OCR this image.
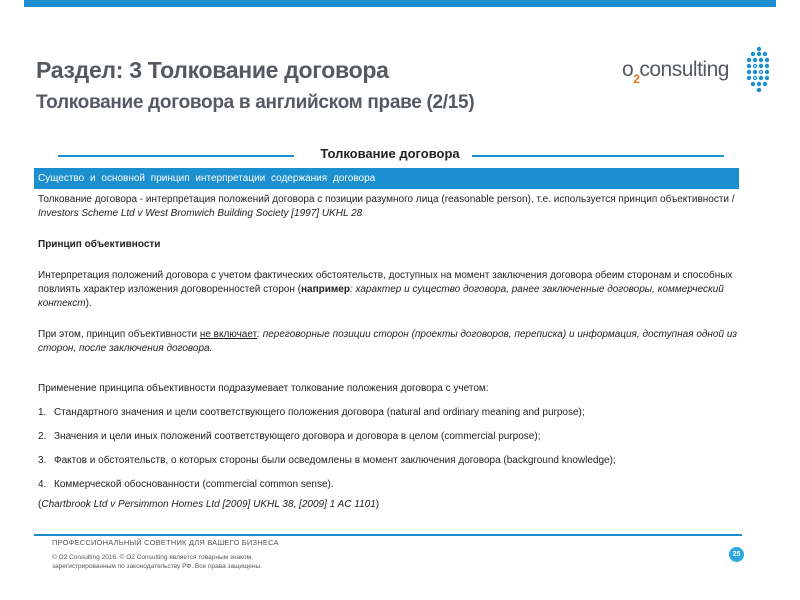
Раздел: 3 Толкование договора
Толкование договора в английском праве (2/15)
$o_2consulting$
Толкование договора
Существо и основной принцип интерпретации содержания договора

Толкование договора - интерпретация положений договора с позиции разумного лица (reasonable person), т.е. используется принцип объективности / Investors Scheme Ltd v West Bromwich Building Society [1997] UKHL 28

Принцип объективности

Интерпретация положений договора с учетом фактических обстоятельств, доступных на момент заключения договора обеим сторонам и способных повлиять характер изложения договоренностей сторон (например: характер и существо договора, ранее заключенные договоры, коммерческий контекст).

При этом, принцип объективности не включает: переговорные позиции сторон (проекты договоров, переписка) и информация, доступная одной из сторон, после заключения договора.

Применение принципа объективности подразумевает толкование положения договора с учетом:

1. Стандартного значения и цели соответствующего положения договора (natural and ordinary meaning and purpose);
2. Значения и цели иных положений соответствующего договора и договора в целом (commercial purpose);
3. Фактов и обстоятельств, о которых стороны были осведомлены в момент заключения договора (background knowledge);
4. Коммерческой обоснованности (commercial common sense).

(Chartbrook Ltd v Persimmon Homes Ltd [2009] UKHL 38, [2009] 1 AC 1101)

ПРОФЕССИОНАЛЬНЫЙ СОВЕТНИК ДЛЯ ВАШЕГО БИЗНЕСА
© O2 Consulting 2016. © O2 Consulting является товарным знаком, зарегистрированным по законодательству РФ. Все права защищены.
25
